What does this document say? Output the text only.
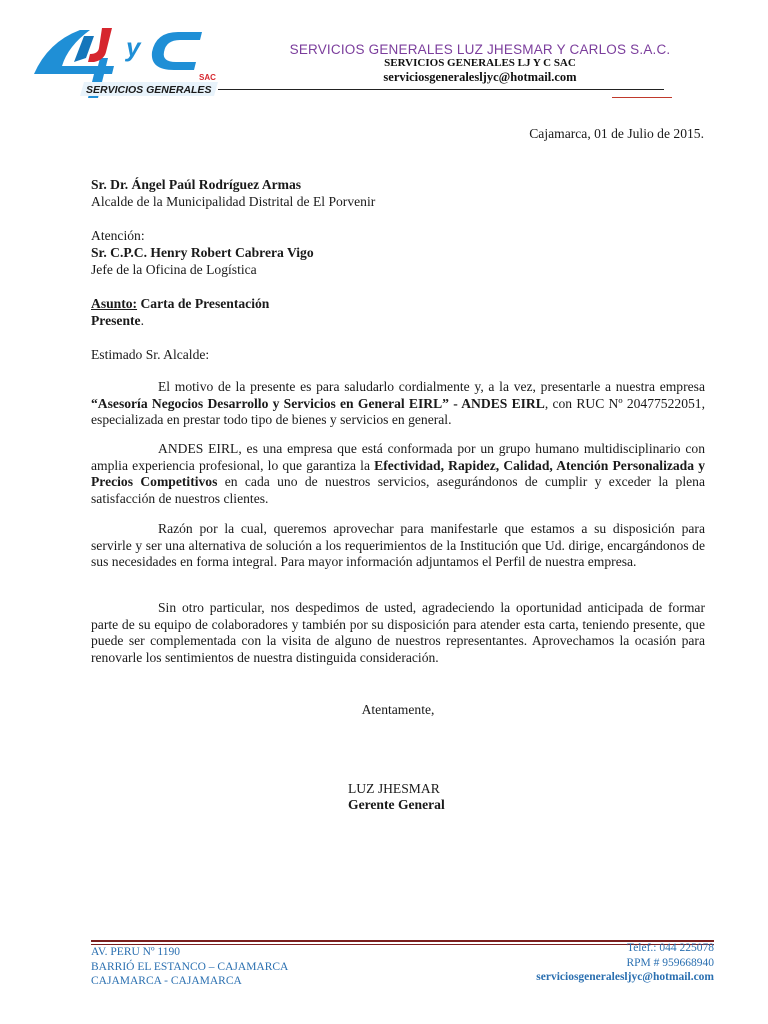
y
SAC
SERVICIOS GENERALES
SERVICIOS GENERALES LUZ JHESMAR Y CARLOS S.A.C.
SERVICIOS GENERALES LJ Y C SAC
serviciosgeneralesljyc@hotmail.com
Cajamarca, 01 de Julio de 2015.
Sr. Dr. Ángel Paúl Rodríguez Armas
Alcalde de la Municipalidad Distrital de El Porvenir
Atención:
Sr. C.P.C. Henry Robert Cabrera Vigo
Jefe de la Oficina de Logística
Asunto: Carta de Presentación
Presente.
Estimado Sr. Alcalde:
El motivo de la presente es para saludarlo cordialmente y, a la vez, presentarle a nuestra empresa “Asesoría Negocios Desarrollo y Servicios en General EIRL” - ANDES EIRL, con RUC Nº 20477522051, especializada en prestar todo tipo de bienes y servicios en general.
ANDES EIRL, es una empresa que está conformada por un grupo humano multidisciplinario con amplia experiencia profesional, lo que garantiza la Efectividad, Rapidez, Calidad, Atención Personalizada y Precios Competitivos en cada uno de nuestros servicios, asegurándonos de cumplir y exceder la plena satisfacción de nuestros clientes.
Razón por la cual, queremos aprovechar para manifestarle que estamos a su disposición para servirle y ser una alternativa de solución a los requerimientos de la Institución que Ud. dirige, encargándonos de sus necesidades en forma integral. Para mayor información adjuntamos el Perfil de nuestra empresa.
Sin otro particular, nos despedimos de usted, agradeciendo la oportunidad anticipada de formar parte de su equipo de colaboradores y también por su disposición para atender esta carta, teniendo presente, que puede ser complementada con la visita de alguno de nuestros representantes. Aprovechamos la ocasión para renovarle los sentimientos de nuestra distinguida consideración.
Atentamente,
LUZ JHESMAR
Gerente General
AV. PERU Nº 1190
BARRIÓ EL ESTANCO – CAJAMARCA
CAJAMARCA - CAJAMARCA
Telef.: 044 225078
RPM # 959668940
serviciosgeneralesljyc@hotmail.com
